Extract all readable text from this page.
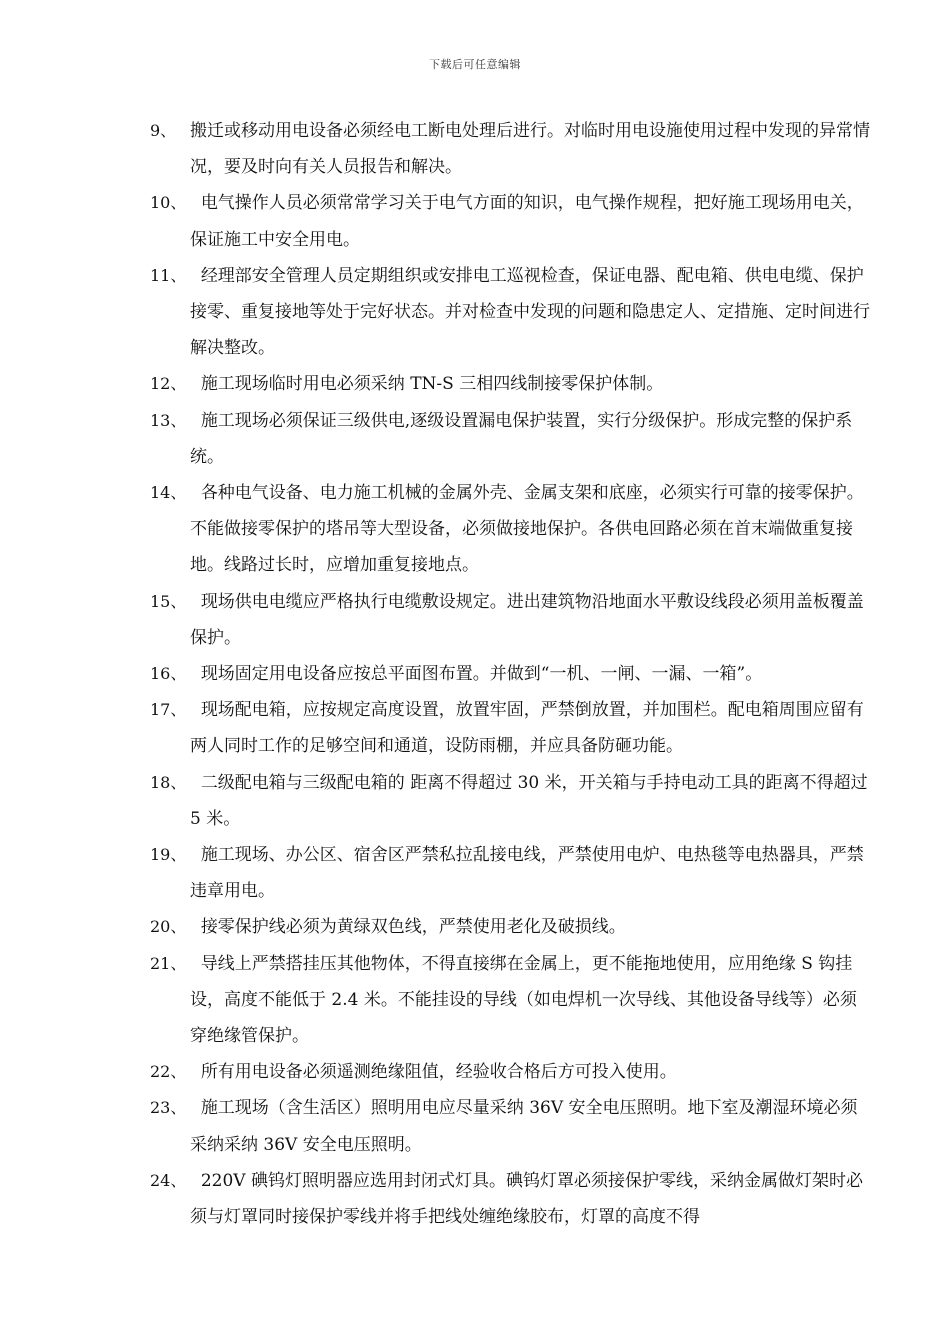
下载后可任意编辑
9、 搬迁或移动用电设备必须经电工断电处理后进行。对临时用电设施使用过程中发现的异常情况，要及时向有关人员报告和解决。
10、 电气操作人员必须常常学习关于电气方面的知识，电气操作规程，把好施工现场用电关，保证施工中安全用电。
11、 经理部安全管理人员定期组织或安排电工巡视检查，保证电器、配电箱、供电电缆、保护接零、重复接地等处于完好状态。并对检查中发现的问题和隐患定人、定措施、定时间进行解决整改。
12、 施工现场临时用电必须采纳 TN-S 三相四线制接零保护体制。
13、 施工现场必须保证三级供电,逐级设置漏电保护装置，实行分级保护。形成完整的保护系统。
14、 各种电气设备、电力施工机械的金属外壳、金属支架和底座，必须实行可靠的接零保护。不能做接零保护的塔吊等大型设备，必须做接地保护。各供电回路必须在首末端做重复接地。线路过长时，应增加重复接地点。
15、 现场供电电缆应严格执行电缆敷设规定。进出建筑物沿地面水平敷设线段必须用盖板覆盖保护。
16、 现场固定用电设备应按总平面图布置。并做到“一机、一闸、一漏、一箱”。
17、 现场配电箱，应按规定高度设置，放置牢固，严禁倒放置，并加围栏。配电箱周围应留有两人同时工作的足够空间和通道，设防雨棚，并应具备防砸功能。
18、 二级配电箱与三级配电箱的 距离不得超过 30 米，开关箱与手持电动工具的距离不得超过 5 米。
19、 施工现场、办公区、宿舍区严禁私拉乱接电线，严禁使用电炉、电热毯等电热器具，严禁违章用电。
20、 接零保护线必须为黄绿双色线，严禁使用老化及破损线。
21、 导线上严禁搭挂压其他物体，不得直接绑在金属上，更不能拖地使用，应用绝缘 S 钩挂设，高度不能低于 2.4 米。不能挂设的导线（如电焊机一次导线、其他设备导线等）必须穿绝缘管保护。
22、 所有用电设备必须遥测绝缘阻值，经验收合格后方可投入使用。
23、 施工现场（含生活区）照明用电应尽量采纳 36V 安全电压照明。地下室及潮湿环境必须采纳采纳 36V 安全电压照明。
24、 220V 碘钨灯照明器应选用封闭式灯具。碘钨灯罩必须接保护零线，采纳金属做灯架时必须与灯罩同时接保护零线并将手把线处缠绝缘胶布，灯罩的高度不得
